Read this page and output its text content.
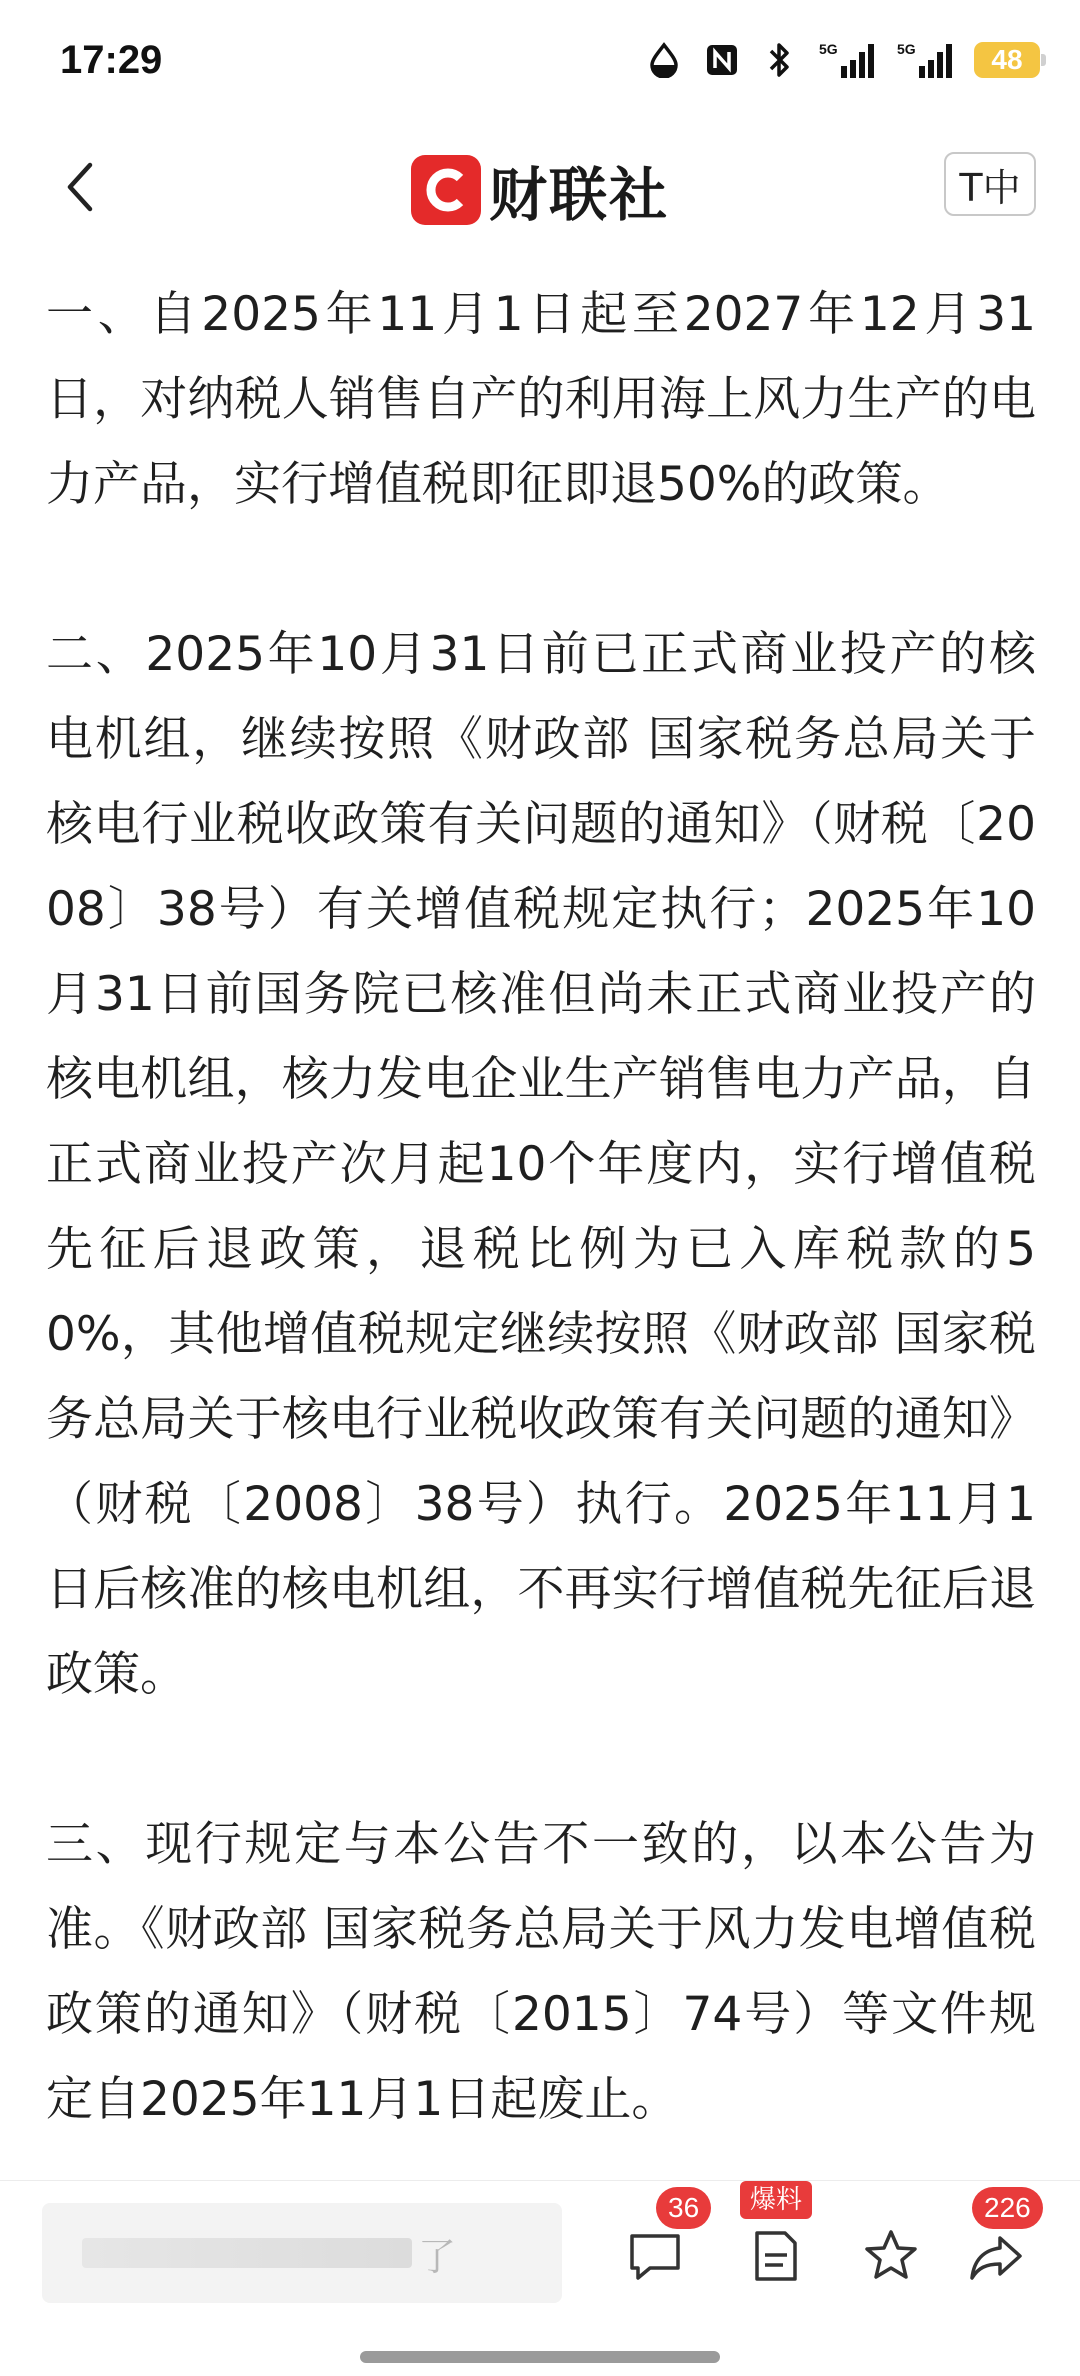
17:29	5G	5G	48
财联社	T中

一、自2025年11月1日起至2027年12月31日，对纳税人销售自产的利用海上风力生产的电力产品，实行增值税即征即退50%的政策。

二、2025年10月31日前已正式商业投产的核电机组，继续按照《财政部 国家税务总局关于核电行业税收政策有关问题的通知》（财税〔2008〕38号）有关增值税规定执行；2025年10月31日前国务院已核准但尚未正式商业投产的核电机组，核力发电企业生产销售电力产品，自正式商业投产次月起10个年度内，实行增值税先征后退政策，退税比例为已入库税款的50%，其他增值税规定继续按照《财政部 国家税务总局关于核电行业税收政策有关问题的通知》（财税〔2008〕38号）执行。2025年11月1日后核准的核电机组，不再实行增值税先征后退政策。

三、现行规定与本公告不一致的，以本公告为准。《财政部 国家税务总局关于风力发电增值税政策的通知》（财税〔2015〕74号）等文件规定自2025年11月1日起废止。

了
36	爆料	226
